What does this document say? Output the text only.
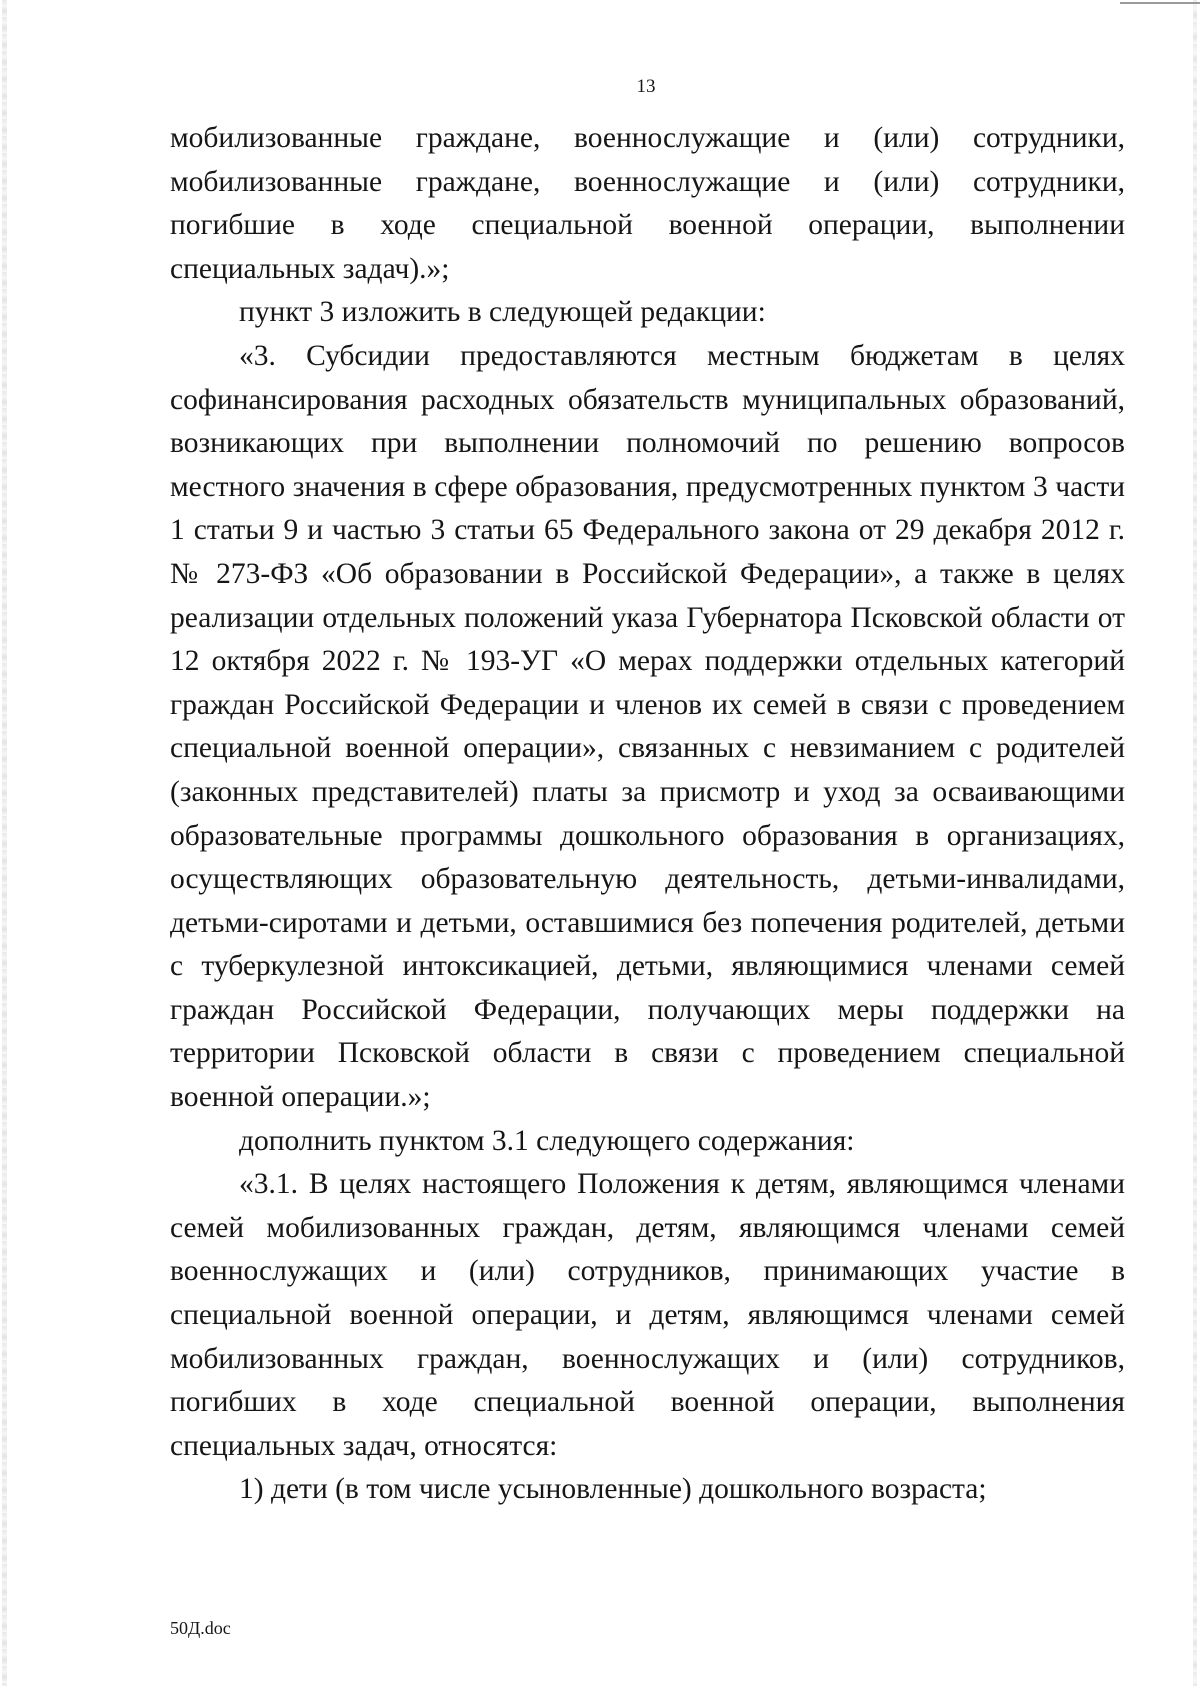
13

мобилизованные граждане, военнослужащие и (или) сотрудники, мобилизованные граждане, военнослужащие и (или) сотрудники, погибшие в ходе специальной военной операции, выполнении специальных задач).»;

пункт 3 изложить в следующей редакции:

«3. Субсидии предоставляются местным бюджетам в целях софинансирования расходных обязательств муниципальных образований, возникающих при выполнении полномочий по решению вопросов местного значения в сфере образования, предусмотренных пунктом 3 части 1 статьи 9 и частью 3 статьи 65 Федерального закона от 29 декабря 2012 г. № 273-ФЗ «Об образовании в Российской Федерации», а также в целях реализации отдельных положений указа Губернатора Псковской области от 12 октября 2022 г. № 193-УГ «О мерах поддержки отдельных категорий граждан Российской Федерации и членов их семей в связи с проведением специальной военной операции», связанных с невзиманием с родителей (законных представителей) платы за присмотр и уход за осваивающими образовательные программы дошкольного образования в организациях, осуществляющих образовательную деятельность, детьми-инвалидами, детьми-сиротами и детьми, оставшимися без попечения родителей, детьми с туберкулезной интоксикацией, детьми, являющимися членами семей граждан Российской Федерации, получающих меры поддержки на территории Псковской области в связи с проведением специальной военной операции.»;

дополнить пунктом 3.1 следующего содержания:

«3.1. В целях настоящего Положения к детям, являющимся членами семей мобилизованных граждан, детям, являющимся членами семей военнослужащих и (или) сотрудников, принимающих участие в специальной военной операции, и детям, являющимся членами семей мобилизованных граждан, военнослужащих и (или) сотрудников, погибших в ходе специальной военной операции, выполнения специальных задач, относятся:

1) дети (в том числе усыновленные) дошкольного возраста;

50Д.doc
